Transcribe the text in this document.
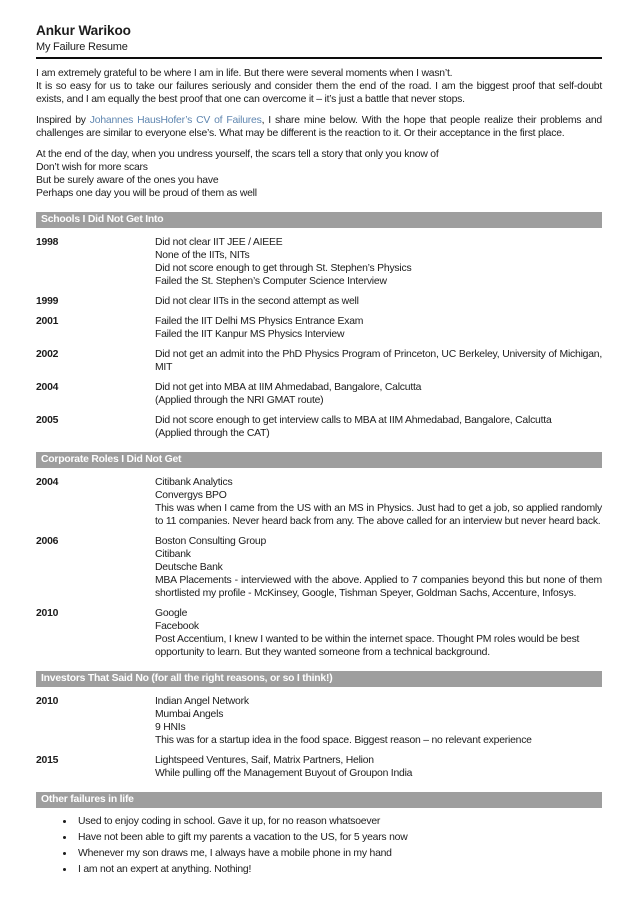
Ankur Warikoo
My Failure Resume
I am extremely grateful to be where I am in life. But there were several moments when I wasn’t.
It is so easy for us to take our failures seriously and consider them the end of the road. I am the biggest proof that self-doubt exists, and I am equally the best proof that one can overcome it – it’s just a battle that never stops.
Inspired by Johannes HausHofer’s CV of Failures, I share mine below. With the hope that people realize their problems and challenges are similar to everyone else’s. What may be different is the reaction to it. Or their acceptance in the first place.
At the end of the day, when you undress yourself, the scars tell a story that only you know of
Don’t wish for more scars
But be surely aware of the ones you have
Perhaps one day you will be proud of them as well
Schools I Did Not Get Into
1998	Did not clear IIT JEE / AIEEE
None of the IITs, NITs
Did not score enough to get through St. Stephen’s Physics
Failed the St. Stephen’s Computer Science Interview
1999	Did not clear IITs in the second attempt as well
2001	Failed the IIT Delhi MS Physics Entrance Exam
Failed the IIT Kanpur MS Physics Interview
2002	Did not get an admit into the PhD Physics Program of Princeton, UC Berkeley, University of Michigan, MIT
2004	Did not get into MBA at IIM Ahmedabad, Bangalore, Calcutta
(Applied through the NRI GMAT route)
2005	Did not score enough to get interview calls to MBA at IIM Ahmedabad, Bangalore, Calcutta
(Applied through the CAT)
Corporate Roles I Did Not Get
2004	Citibank Analytics
Convergys BPO
This was when I came from the US with an MS in Physics. Just had to get a job, so applied randomly to 11 companies. Never heard back from any. The above called for an interview but never heard back.
2006	Boston Consulting Group
Citibank
Deutsche Bank
MBA Placements - interviewed with the above. Applied to 7 companies beyond this but none of them shortlisted my profile - McKinsey, Google, Tishman Speyer, Goldman Sachs, Accenture, Infosys.
2010	Google
Facebook
Post Accentium, I knew I wanted to be within the internet space. Thought PM roles would be best opportunity to learn. But they wanted someone from a technical background.
Investors That Said No (for all the right reasons, or so I think!)
2010	Indian Angel Network
Mumbai Angels
9 HNIs
This was for a startup idea in the food space. Biggest reason – no relevant experience
2015	Lightspeed Ventures, Saif, Matrix Partners, Helion
While pulling off the Management Buyout of Groupon India
Other failures in life
• Used to enjoy coding in school. Gave it up, for no reason whatsoever
• Have not been able to gift my parents a vacation to the US, for 5 years now
• Whenever my son draws me, I always have a mobile phone in my hand
• I am not an expert at anything. Nothing!
